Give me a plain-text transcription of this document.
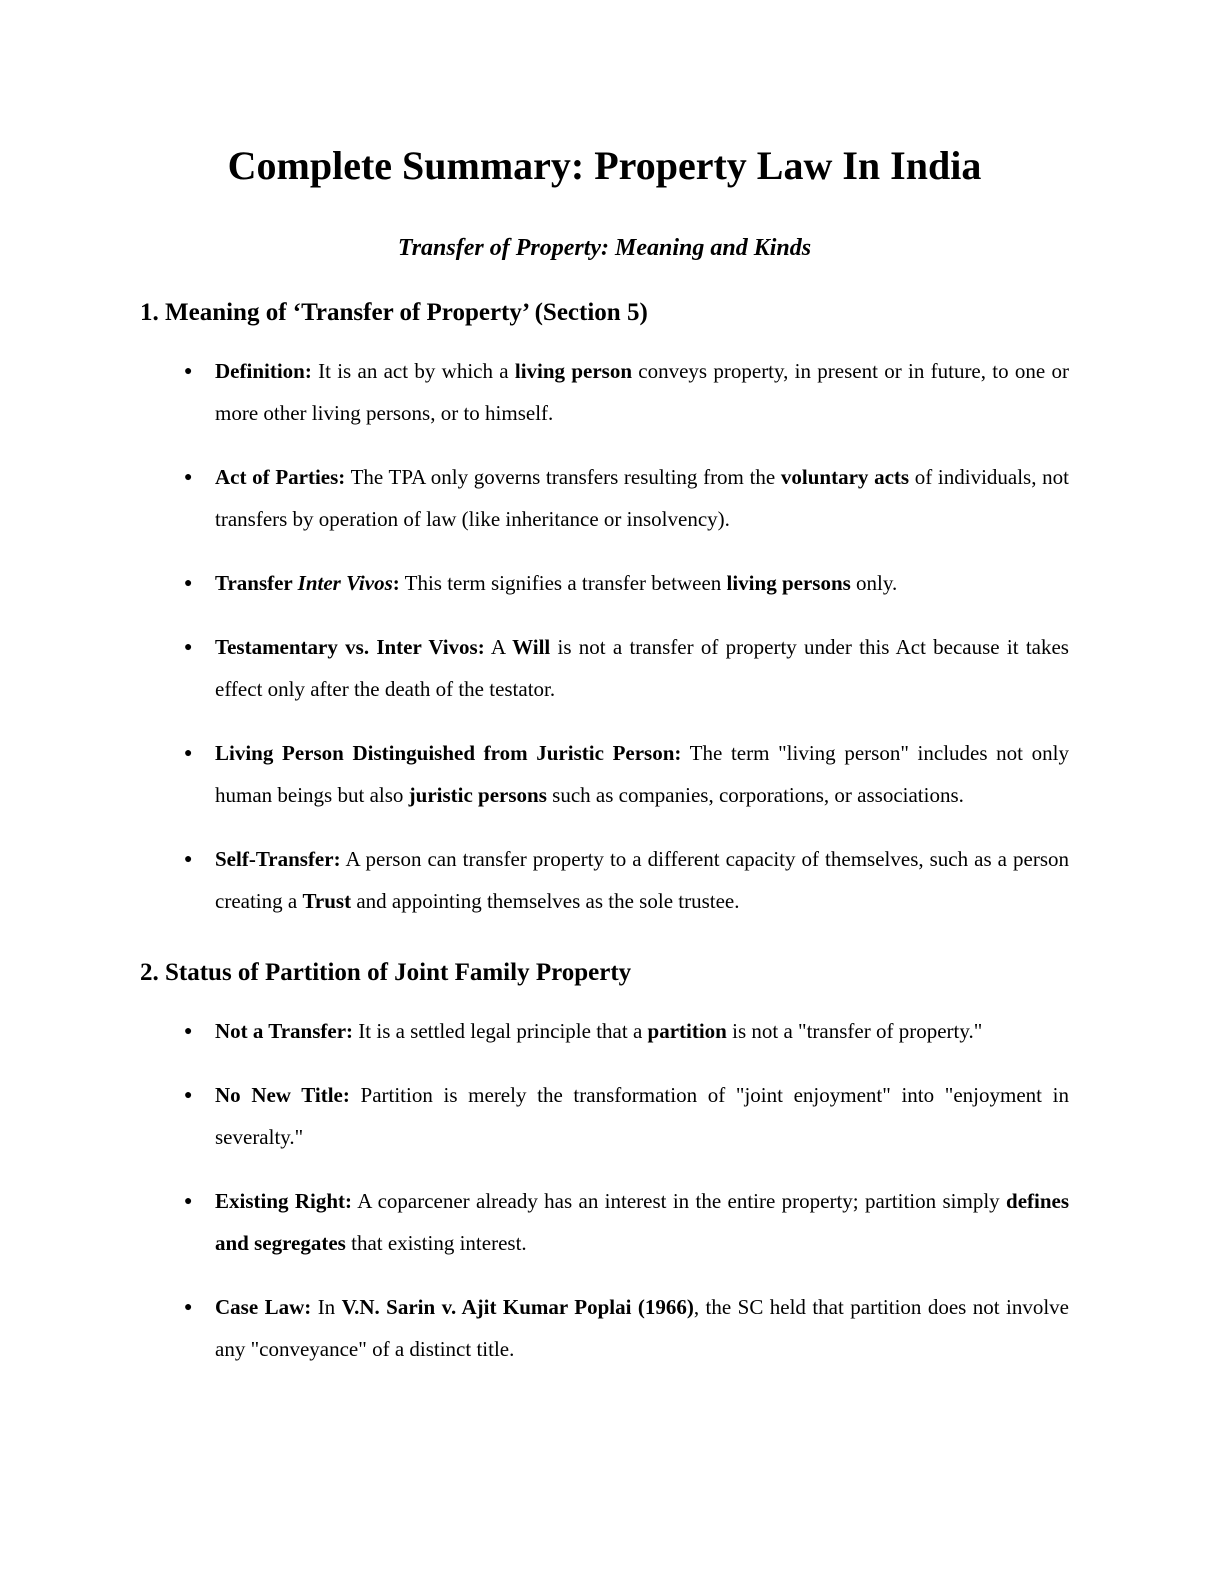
Complete Summary: Property Law In India
Transfer of Property: Meaning and Kinds
1. Meaning of ‘Transfer of Property’ (Section 5)
● Definition: It is an act by which a living person conveys property, in present or in future, to one or more other living persons, or to himself.
● Act of Parties: The TPA only governs transfers resulting from the voluntary acts of individuals, not transfers by operation of law (like inheritance or insolvency).
● Transfer Inter Vivos: This term signifies a transfer between living persons only.
● Testamentary vs. Inter Vivos: A Will is not a transfer of property under this Act because it takes effect only after the death of the testator.
● Living Person Distinguished from Juristic Person: The term "living person" includes not only human beings but also juristic persons such as companies, corporations, or associations.
● Self-Transfer: A person can transfer property to a different capacity of themselves, such as a person creating a Trust and appointing themselves as the sole trustee.
2. Status of Partition of Joint Family Property
● Not a Transfer: It is a settled legal principle that a partition is not a "transfer of property."
● No New Title: Partition is merely the transformation of "joint enjoyment" into "enjoyment in severalty."
● Existing Right: A coparcener already has an interest in the entire property; partition simply defines and segregates that existing interest.
● Case Law: In V.N. Sarin v. Ajit Kumar Poplai (1966), the SC held that partition does not involve any "conveyance" of a distinct title.
